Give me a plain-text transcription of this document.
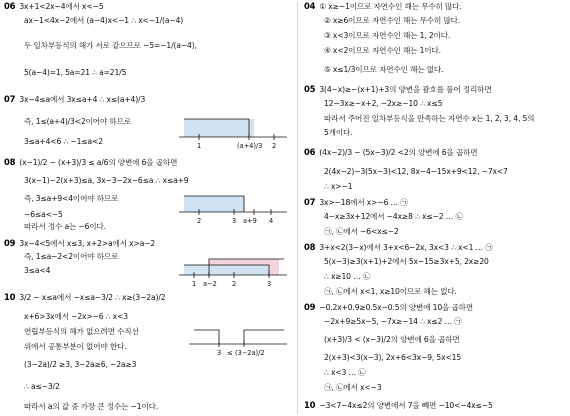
06 3x+1<2x−4에서 x<−5
ax−1<4x−2에서 (a−4)x<−1 ∴ x<−1/(a−4)
두 일차부등식의 해가 서로 같으므로 −5=−1/(a−4),
5(a−4)=1, 5a=21 ∴ a=21/5
07 3x−4≤a에서 3x≤a+4 ∴ x≤(a+4)/3
즉, 1≤(a+4)/3<2이어야 하므로
3≤a+4<6 ∴ −1≤a<2
08 (x−1)/2 − (x+3)/3 ≤ a/6의 양변에 6을 곱하면
3(x−1)−2(x+3)≤a, 3x−3−2x−6≤a ∴ x≤a+9
즉, 3≤a+9<4이어야 하므로
−6≤a<−5
따라서 정수 a는 −6이다.
09 3x−4<5에서 x≤3, x+2>a에서 x>a−2
즉, 1≤a−2<2이어야 하므로
3≤a<4
10 3/2 − x≤a에서 −x≤a−3/2 ∴ x≥(3−2a)/2
x+6>3x에서 −2x>−6 ∴ x<3
연립부등식의 해가 없으려면 수직선
위에서 공통부분이 없어야 한다.
(3−2a)/2 ≥3, 3−2a≥6, −2a≥3
∴ a≤−3/2
따라서 a의 값 중 가장 큰 정수는 −1이다.
1	(a+4)/3 2
2	3 a+9 4
1 a−2 2	3
3 ≤ (3−2a)/2
04 ① x≥−1이므로 자연수인 해는 무수히 많다.
② x≥6이므로 자연수인 해는 무수히 많다.
③ x<3이므로 자연수인 해는 1, 2이다.
④ x<2이므로 자연수인 해는 1이다.
⑤ x≤1/3이므로 자연수인 해는 없다.
05 3(4−x)≥−(x+1)+3의 양변을 괄호를 풀어 정리하면
12−3x≥−x+2, −2x≥−10 ∴ x≤5
따라서 주어진 일차부등식을 만족하는 자연수 x는 1, 2, 3, 4, 5의
5개이다.
06 (4x−2)/3 − (5x−3)/2 <2의 양변에 6을 곱하면
2(4x−2)−3(5x−3)<12, 8x−4−15x+9<12, −7x<7
∴ x>−1
07 3x>−18에서 x>−6 … ㉠
4−x≥3x+12에서 −4x≥8 ∴ x≤−2 … ㉡
㉠, ㉡에서 −6<x≤−2
08 3+x<2(3−x)에서 3+x<6−2x, 3x<3 ∴ x<1 … ㉠
5(x−3)≥3(x+1)+2에서 5x−15≥3x+5, 2x≥20
∴ x≥10 … ㉡
㉠, ㉡에서 x<1, x≥10이므로 해는 없다.
09 −0.2x+0.9≥0.5x−0.5의 양변에 10을 곱하면
−2x+9≥5x−5, −7x≥−14 ∴ x≤2 … ㉠
(x+3)/3 < (x−3)/2의 양변에 6을 곱하면
2(x+3)<3(x−3), 2x+6<3x−9, 5x<15
∴ x<3 … ㉡
㉠, ㉡에서 x<−3
10 −3<7−4x≤2의 양변에서 7을 빼면 −10<−4x≤−5
